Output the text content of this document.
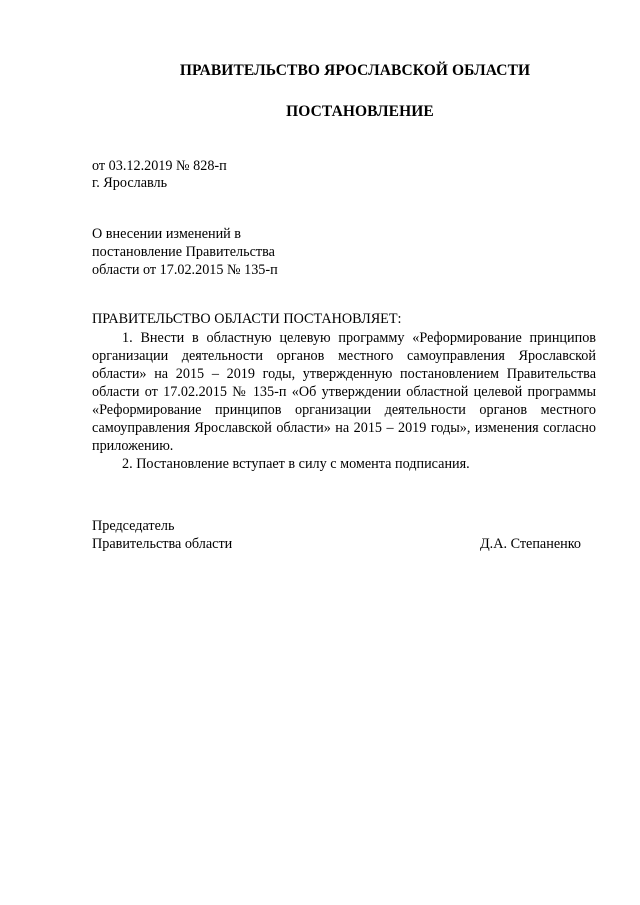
ПРАВИТЕЛЬСТВО ЯРОСЛАВСКОЙ ОБЛАСТИ
ПОСТАНОВЛЕНИЕ
от 03.12.2019 № 828-п
г. Ярославль
О внесении изменений в
постановление Правительства
области от 17.02.2015 № 135-п
ПРАВИТЕЛЬСТВО ОБЛАСТИ ПОСТАНОВЛЯЕТ:

1. Внести в областную целевую программу «Реформирование принципов организации деятельности органов местного самоуправления Ярославской области» на 2015 – 2019 годы, утвержденную постановлением Правительства области от 17.02.2015 № 135-п «Об утверждении областной целевой программы «Реформирование принципов организации деятельности органов местного самоуправления Ярославской области» на 2015 – 2019 годы», изменения согласно приложению.

2. Постановление вступает в силу с момента подписания.

Председатель
Правительства области	Д.А. Степаненко
